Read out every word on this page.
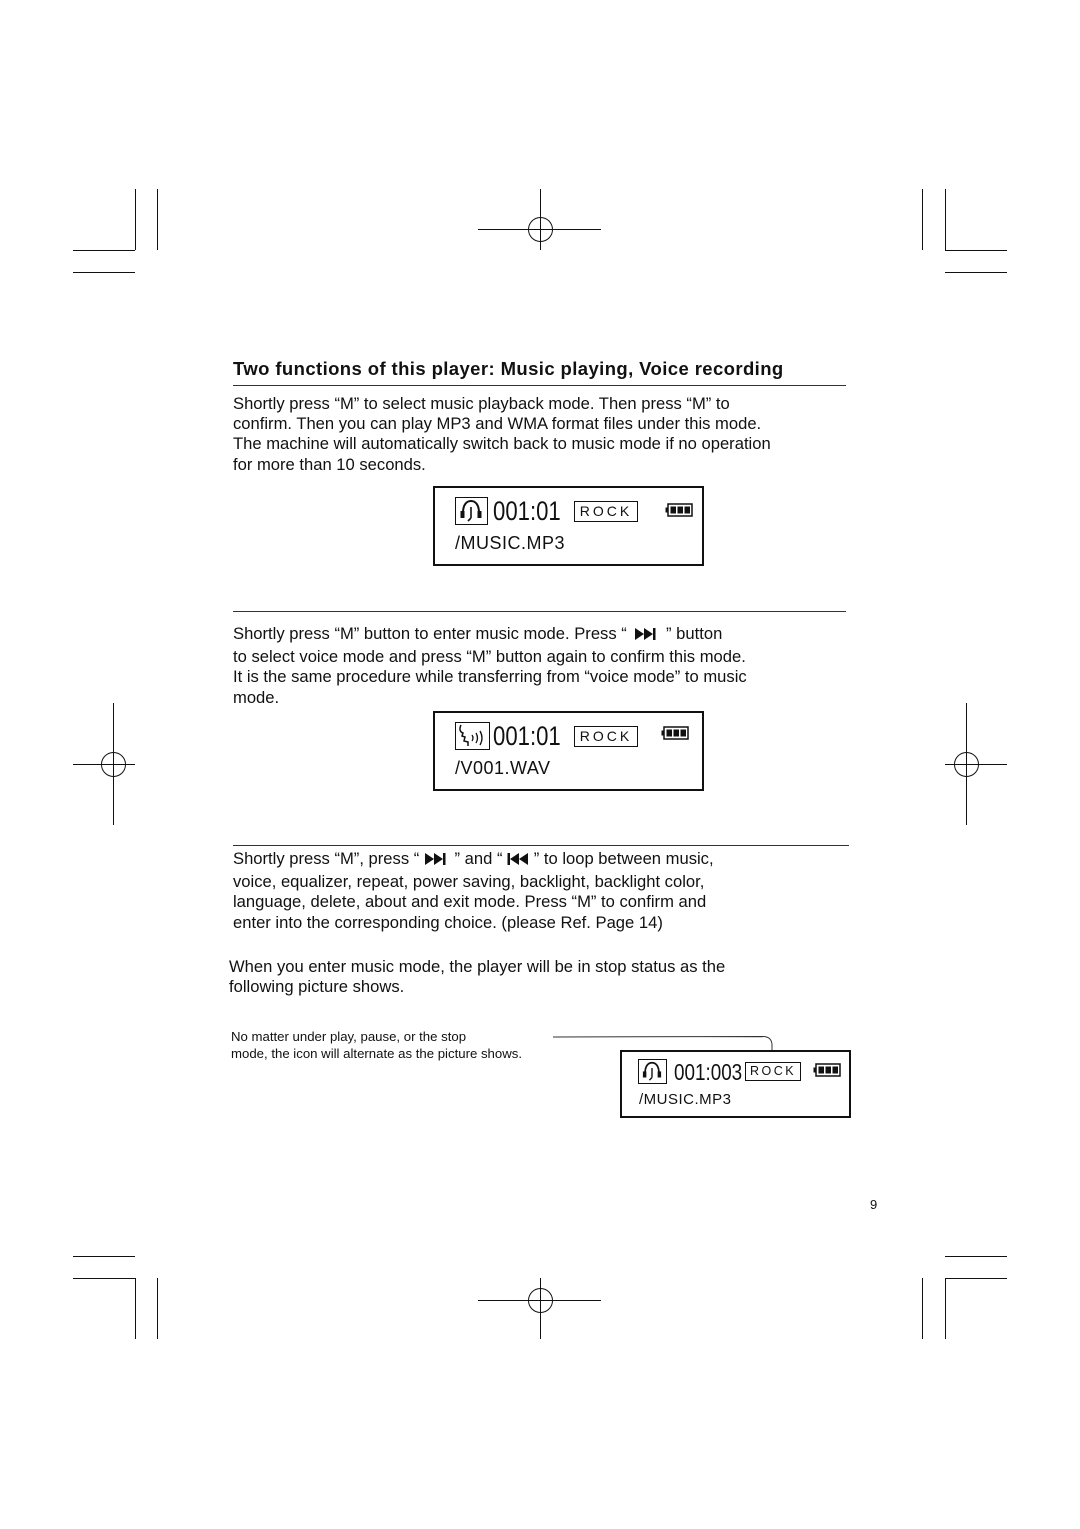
Two functions of this player: Music playing, Voice recording
Shortly press “M” to select music playback mode. Then press “M” to
confirm. Then you can play MP3 and WMA format files under this mode.
The machine will automatically switch back to music mode if no operation
for more than 10 seconds.
001:01	ROCK
/MUSIC.MP3
Shortly press “M” button to enter music mode. Press “ ” button
to select voice mode and press “M” button again to confirm this mode.
It is the same procedure while transferring from “voice mode” to music
mode.
001:01	ROCK
/V001.WAV
Shortly press “M”, press “ ” and “ ” to loop between music,
voice, equalizer, repeat, power saving, backlight, backlight color,
language, delete, about and exit mode. Press “M” to confirm and
enter into the corresponding choice. (please Ref. Page 14)
When you enter music mode, the player will be in stop status as the
following picture shows.
No matter under play, pause, or the stop
mode, the icon will alternate as the picture shows.
001:003 ROCK
/MUSIC.MP3
9
